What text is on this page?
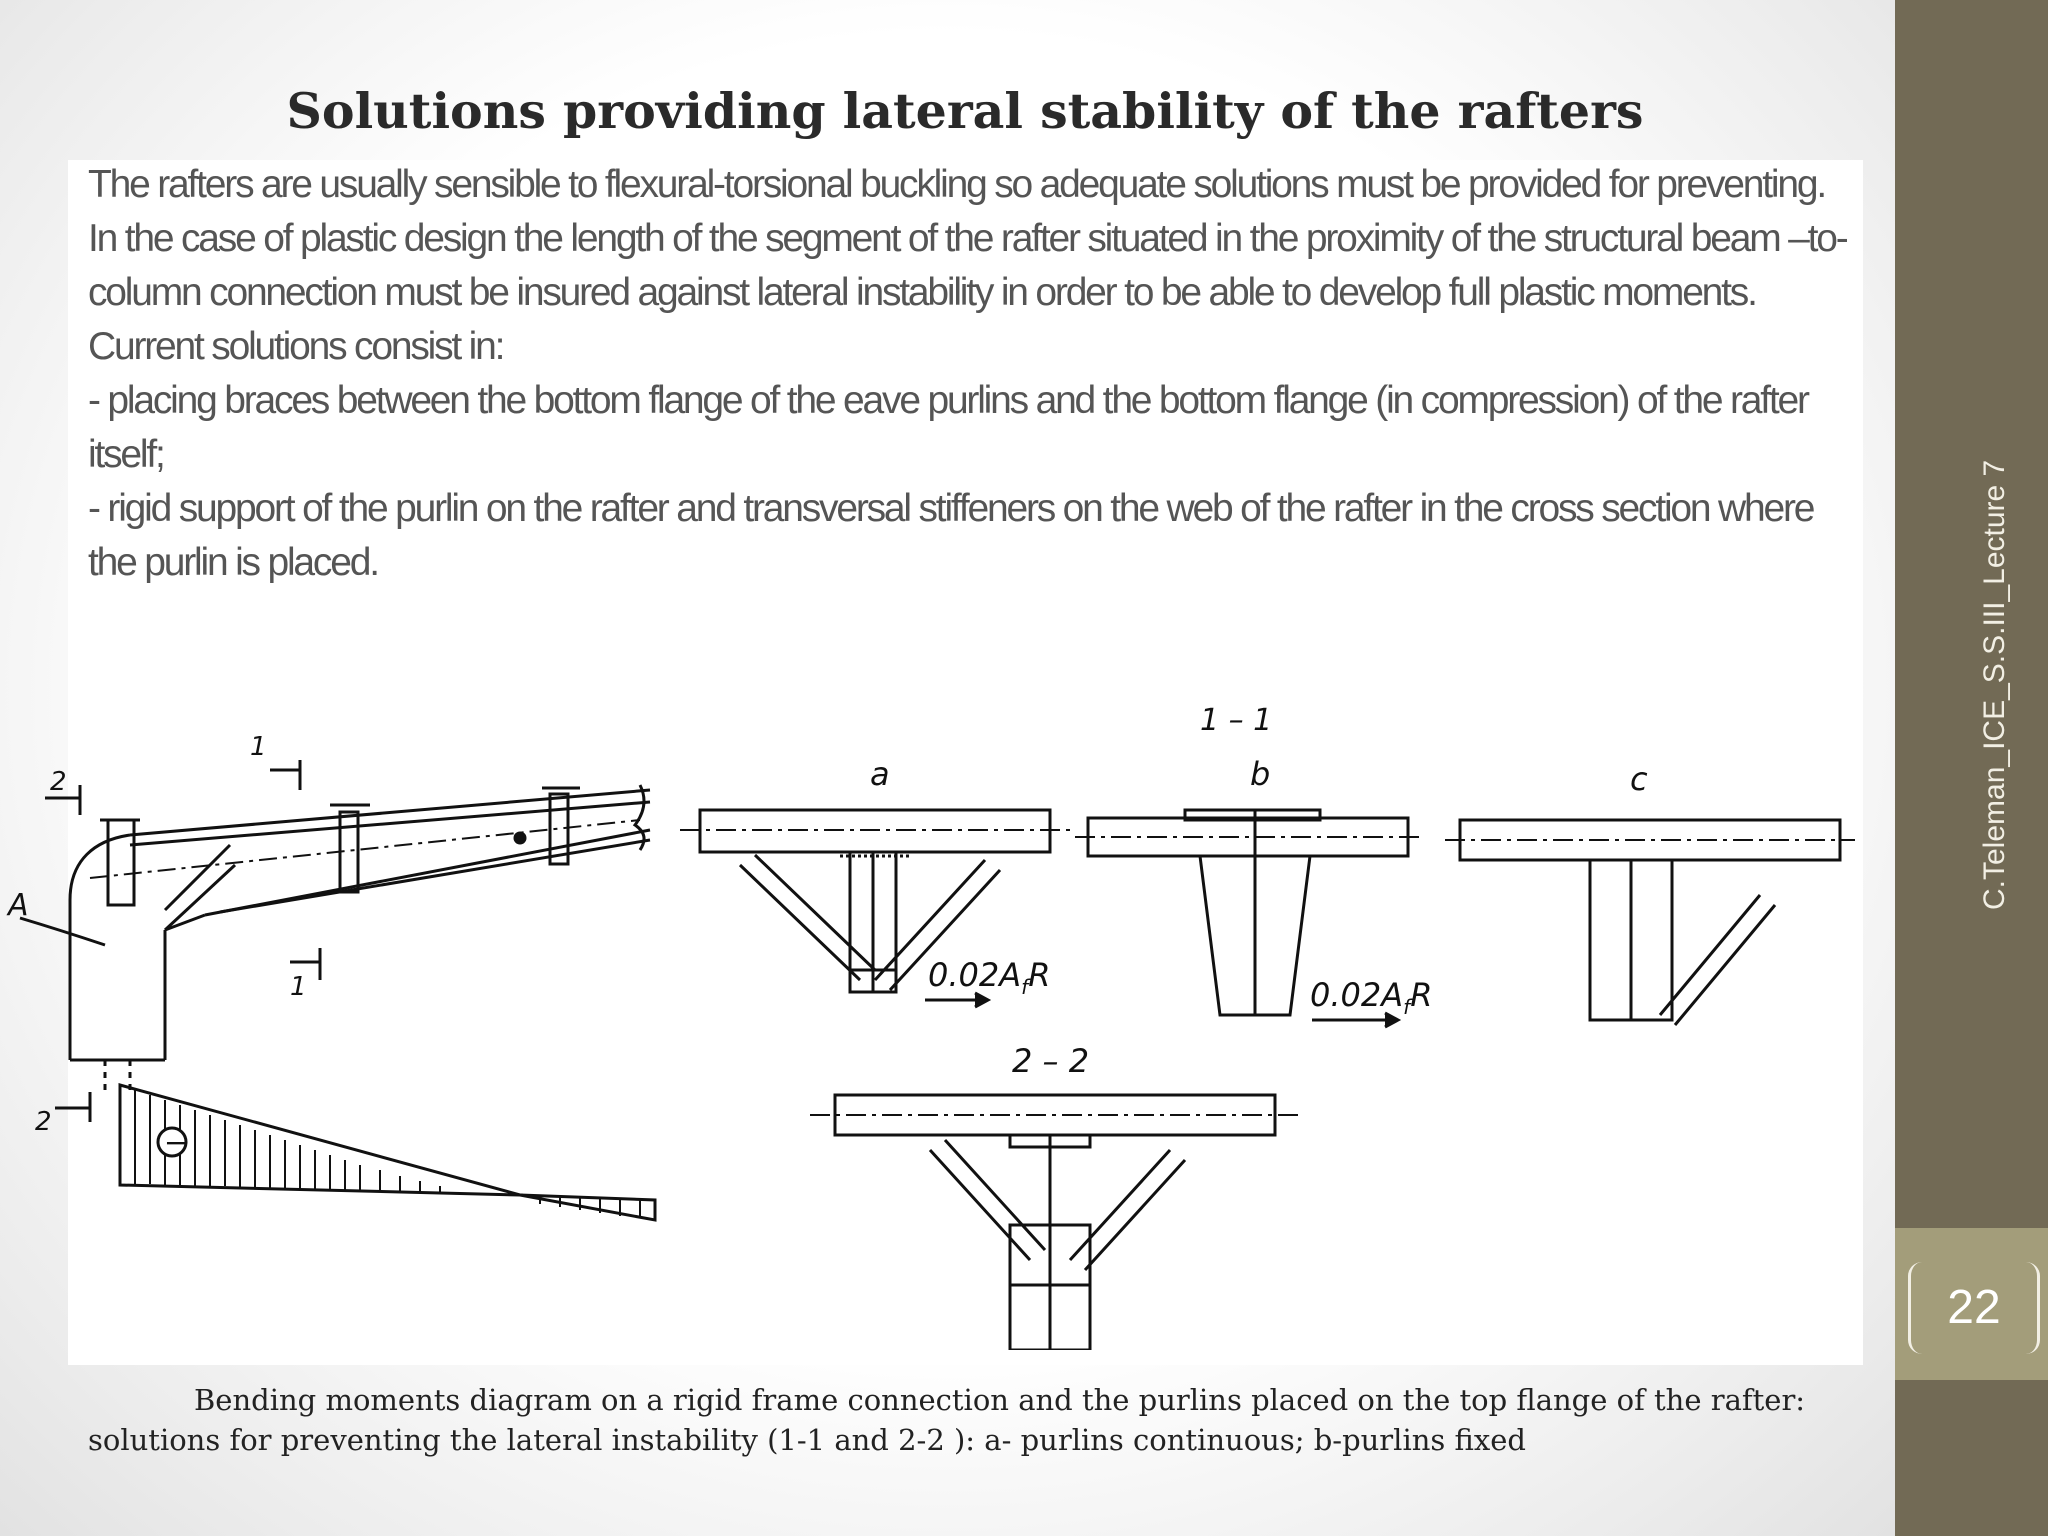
22
C.Teleman_ICE_S.S.III_Lecture 7
Solutions providing lateral stability of the rafters

The rafters are usually sensible to flexural-torsional buckling so adequate solutions must be provided for preventing. In the case of plastic design the length of the segment of the rafter situated in the proximity of the structural beam –to-column connection must be insured against lateral instability in order to be able to develop full plastic moments.

Current solutions consist in:

- placing braces between the bottom flange of the eave purlins and the bottom flange (in compression) of the rafter itself;

- rigid support of the purlin on the rafter and transversal stiffeners on the web of the rafter in the cross section where the purlin is placed.

1 – 1
2 – 2
a	b	c
$0.02A_fR$
$0.02A_fR$
1
1
2
2
A
−
Bending moments diagram on a rigid frame connection and the purlins placed on the top flange of the rafter:
solutions for preventing the lateral instability (1-1 and 2-2 ): a- purlins continuous; b-purlins fixed
